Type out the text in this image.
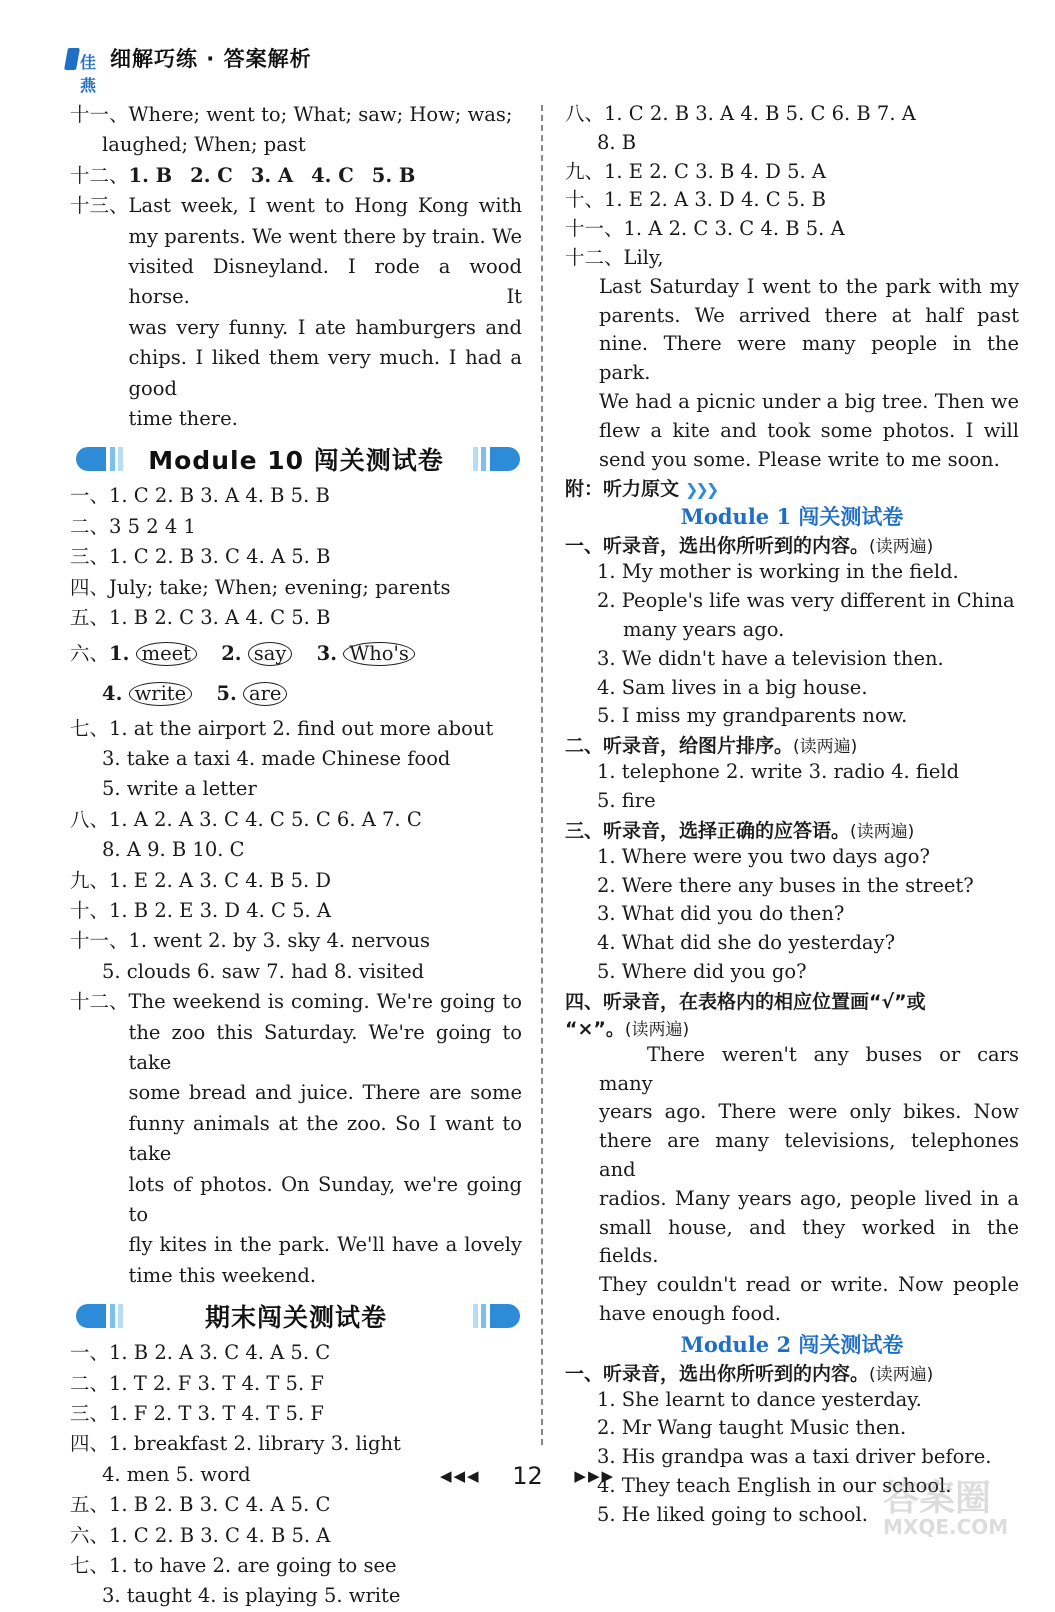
佳燕
细解巧练 · 答案解析
十一、Where; went to; What; saw; How; was;
laughed; When; past
十二、1. B 2. C 3. A 4. C 5. B
十三、 Last week, I went to Hong Kong with
my parents. We went there by train. We
visited Disneyland. I rode a wood horse. It
was very funny. I ate hamburgers and
chips. I liked them very much. I had a good
time there.
Module 10 闯关测试卷
一、1. C 2. B 3. A 4. B 5. B
二、3 5 2 4 1
三、1. C 2. B 3. C 4. A 5. B
四、July; take; When; evening; parents
五、1. B 2. C 3. A 4. C 5. B
六、1. meet 2. say 3. Who's
4. write 5. are
七、1. at the airport 2. find out more about
3. take a taxi 4. made Chinese food
5. write a letter
八、1. A 2. A 3. C 4. C 5. C 6. A 7. C
8. A 9. B 10. C
九、1. E 2. A 3. C 4. B 5. D
十、1. B 2. E 3. D 4. C 5. A
十一、1. went 2. by 3. sky 4. nervous
5. clouds 6. saw 7. had 8. visited
十二、 The weekend is coming. We're going to
the zoo this Saturday. We're going to take
some bread and juice. There are some
funny animals at the zoo. So I want to take
lots of photos. On Sunday, we're going to
fly kites in the park. We'll have a lovely
time this weekend.
期末闯关测试卷
一、1. B 2. A 3. C 4. A 5. C
二、1. T 2. F 3. T 4. T 5. F
三、1. F 2. T 3. T 4. T 5. F
四、1. breakfast 2. library 3. light
4. men 5. word
五、1. B 2. B 3. C 4. A 5. C
六、1. C 2. B 3. C 4. B 5. A
七、1. to have 2. are going to see
3. taught 4. is playing 5. write
八、1. C 2. B 3. A 4. B 5. C 6. B 7. A
8. B
九、1. E 2. C 3. B 4. D 5. A
十、1. E 2. A 3. D 4. C 5. B
十一、1. A 2. C 3. C 4. B 5. A
十二、Lily,
Last Saturday I went to the park with my
parents. We arrived there at half past
nine. There were many people in the park.
We had a picnic under a big tree. Then we
flew a kite and took some photos. I will
send you some. Please write to me soon.
附：听力原文 ❯❯❯
Module 1 闯关测试卷
一、听录音，选出你所听到的内容。(读两遍)
1. My mother is working in the field.
2. People's life was very different in China
many years ago.
3. We didn't have a television then.
4. Sam lives in a big house.
5. I miss my grandparents now.
二、听录音，给图片排序。(读两遍)
1. telephone 2. write 3. radio 4. field
5. fire
三、听录音，选择正确的应答语。(读两遍)
1. Where were you two days ago?
2. Were there any buses in the street?
3. What did you do then?
4. What did she do yesterday?
5. Where did you go?
四、听录音，在表格内的相应位置画“√”或
“×”。(读两遍)
There weren't any buses or cars many
years ago. There were only bikes. Now
there are many televisions, telephones and
radios. Many years ago, people lived in a
small house, and they worked in the fields.
They couldn't read or write. Now people
have enough food.
Module 2 闯关测试卷
一、听录音，选出你所听到的内容。(读两遍)
1. She learnt to dance yesterday.
2. Mr Wang taught Music then.
3. His grandpa was a taxi driver before.
4. They teach English in our school.
5. He liked going to school.
◀◀◀ 12 ▶▶▶
答案圈
MXQE.COM
